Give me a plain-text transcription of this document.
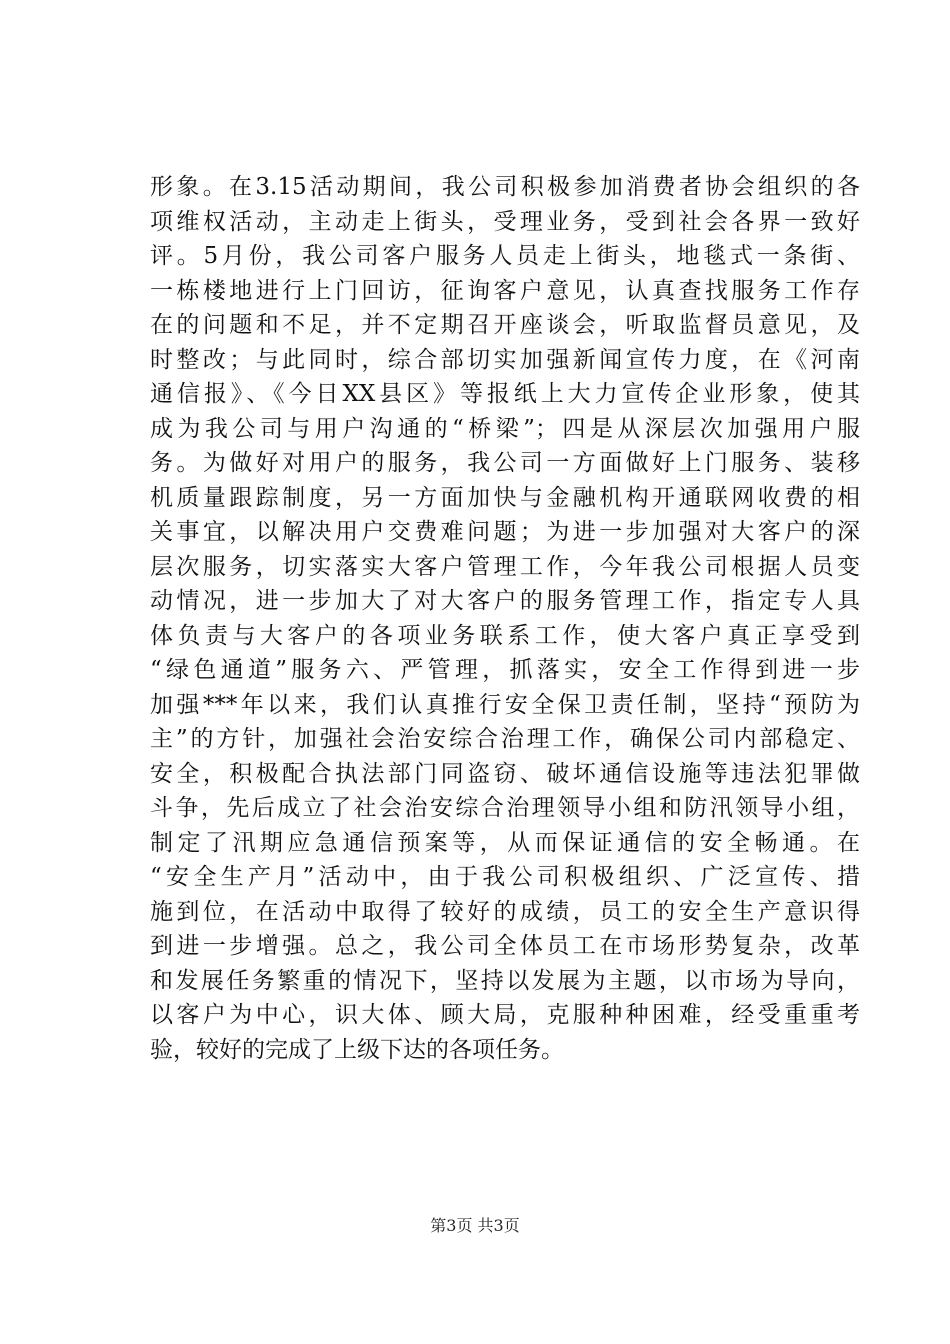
形象。在3.15活动期间，我公司积极参加消费者协会组织的各
项维权活动，主动走上街头，受理业务，受到社会各界一致好
评。5月份，我公司客户服务人员走上街头，地毯式一条街、
一栋楼地进行上门回访，征询客户意见，认真查找服务工作存
在的问题和不足，并不定期召开座谈会，听取监督员意见，及
时整改；与此同时，综合部切实加强新闻宣传力度，在《河南
通信报》、《今日XX县区》等报纸上大力宣传企业形象，使其
成为我公司与用户沟通的“桥梁”；四是从深层次加强用户服
务。为做好对用户的服务，我公司一方面做好上门服务、装移
机质量跟踪制度，另一方面加快与金融机构开通联网收费的相
关事宜，以解决用户交费难问题；为进一步加强对大客户的深
层次服务，切实落实大客户管理工作，今年我公司根据人员变
动情况，进一步加大了对大客户的服务管理工作，指定专人具
体负责与大客户的各项业务联系工作，使大客户真正享受到
“绿色通道”服务六、严管理，抓落实，安全工作得到进一步
加强***年以来，我们认真推行安全保卫责任制，坚持“预防为
主”的方针，加强社会治安综合治理工作，确保公司内部稳定、
安全，积极配合执法部门同盗窃、破坏通信设施等违法犯罪做
斗争，先后成立了社会治安综合治理领导小组和防汛领导小组，
制定了汛期应急通信预案等，从而保证通信的安全畅通。在
“安全生产月”活动中，由于我公司积极组织、广泛宣传、措
施到位，在活动中取得了较好的成绩，员工的安全生产意识得
到进一步增强。总之，我公司全体员工在市场形势复杂，改革
和发展任务繁重的情况下，坚持以发展为主题，以市场为导向，
以客户为中心，识大体、顾大局，克服种种困难，经受重重考
验，较好的完成了上级下达的各项任务。
第3页 共3页
